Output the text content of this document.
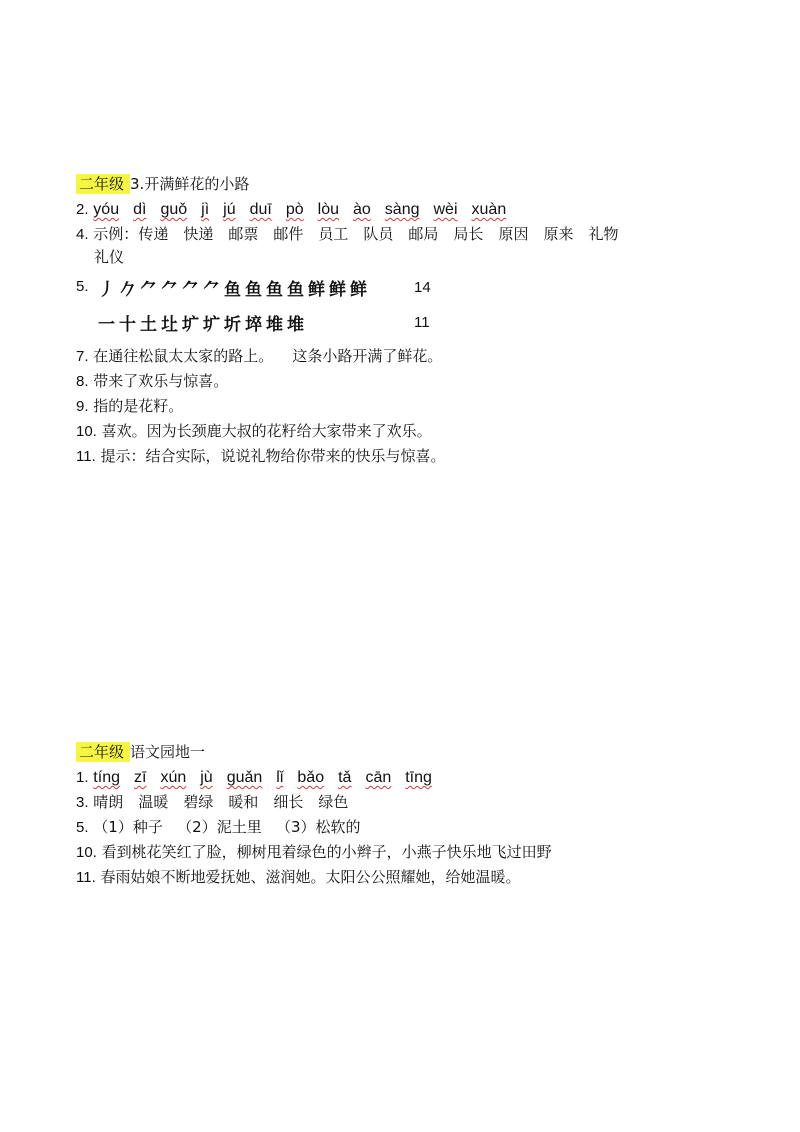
二年级 3.开满鲜花的小路
2. yóu dì guǒ jì jú duī pò lòu ào sàng wèi xuàn
4. 示例：传递 快递 邮票 邮件 员工 队员 邮局 局长 原因 原来 礼物
礼仪
5. 丿 𠂊 ⺈ ⺈ ⺈ ⺈ 鱼 鱼 鱼 鱼 鲜 鲜 鲜	14
一 十 土 圵 圹 圹 圻 埣 堆 堆	11
7. 在通往松鼠太太家的路上。    这条小路开满了鲜花。
8. 带来了欢乐与惊喜。
9. 指的是花籽。
10. 喜欢。因为长颈鹿大叔的花籽给大家带来了欢乐。
11. 提示：结合实际，说说礼物给你带来的快乐与惊喜。
二年级 语文园地一
1. tíng zī xún jù guǎn lǐ bǎo tǎ cān tīng
3. 晴朗 温暖 碧绿 暖和 细长 绿色
5. （1）种子   （2）泥土里   （3）松软的
10. 看到桃花笑红了脸，柳树甩着绿色的小辫子，小燕子快乐地飞过田野
11. 春雨姑娘不断地爱抚她、滋润她。太阳公公照耀她，给她温暖。
